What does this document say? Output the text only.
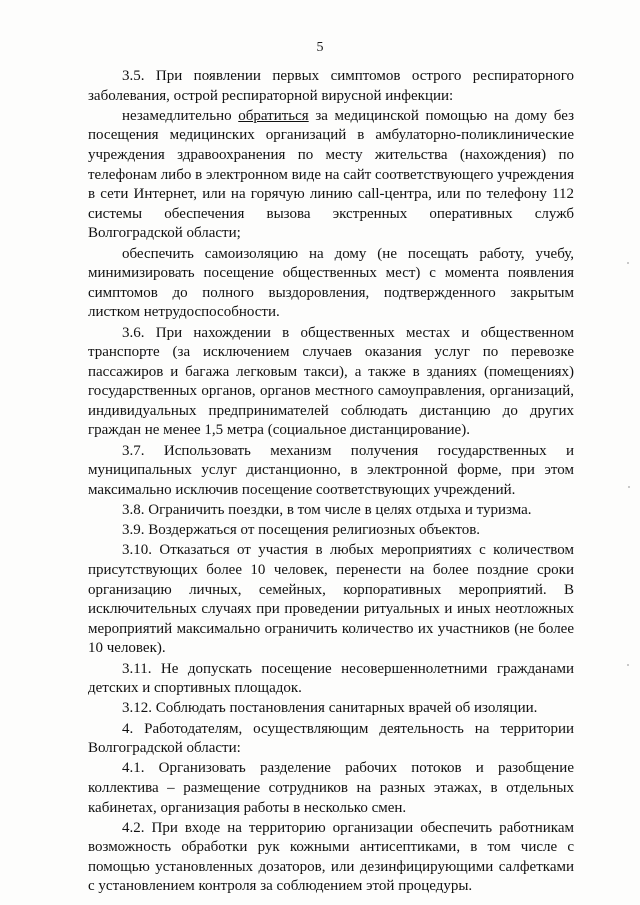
5

3.5. При появлении первых симптомов острого респираторного заболевания, острой респираторной вирусной инфекции:

незамедлительно обратиться за медицинской помощью на дому без посещения медицинских организаций в амбулаторно-поликлинические учреждения здравоохранения по месту жительства (нахождения) по телефонам либо в электронном виде на сайт соответствующего учреждения в сети Интернет, или на горячую линию call-центра, или по телефону 112 системы обеспечения вызова экстренных оперативных служб Волгоградской области;

обеспечить самоизоляцию на дому (не посещать работу, учебу, минимизировать посещение общественных мест) с момента появления симптомов до полного выздоровления, подтвержденного закрытым листком нетрудоспособности.

3.6. При нахождении в общественных местах и общественном транспорте (за исключением случаев оказания услуг по перевозке пассажиров и багажа легковым такси), а также в зданиях (помещениях) государственных органов, органов местного самоуправления, организаций, индивидуальных предпринимателей соблюдать дистанцию до других граждан не менее 1,5 метра (социальное дистанцирование).

3.7. Использовать механизм получения государственных и муниципальных услуг дистанционно, в электронной форме, при этом максимально исключив посещение соответствующих учреждений.

3.8. Ограничить поездки, в том числе в целях отдыха и туризма.

3.9. Воздержаться от посещения религиозных объектов.

3.10. Отказаться от участия в любых мероприятиях с количеством присутствующих более 10 человек, перенести на более поздние сроки организацию личных, семейных, корпоративных мероприятий. В исключительных случаях при проведении ритуальных и иных неотложных мероприятий максимально ограничить количество их участников (не более 10 человек).

3.11. Не допускать посещение несовершеннолетними гражданами детских и спортивных площадок.

3.12. Соблюдать постановления санитарных врачей об изоляции.

4. Работодателям, осуществляющим деятельность на территории Волгоградской области:

4.1. Организовать разделение рабочих потоков и разобщение коллектива – размещение сотрудников на разных этажах, в отдельных кабинетах, организация работы в несколько смен.

4.2. При входе на территорию организации обеспечить работникам возможность обработки рук кожными антисептиками, в том числе с помощью установленных дозаторов, или дезинфицирующими салфетками с установлением контроля за соблюдением этой процедуры.
